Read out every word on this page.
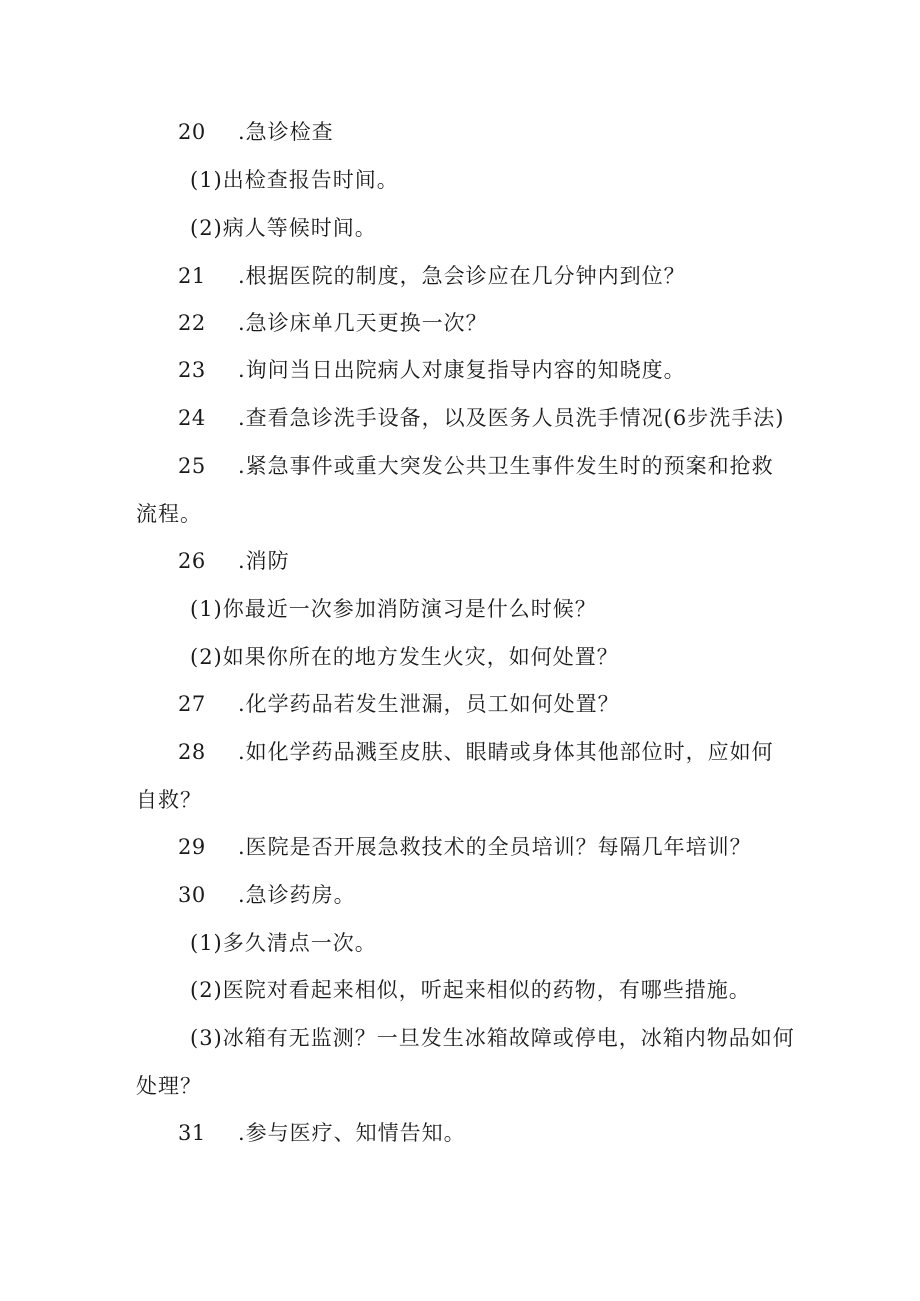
20 .急诊检查
(1)出检查报告时间。
(2)病人等候时间。
21 .根据医院的制度，急会诊应在几分钟内到位？
22 .急诊床单几天更换一次？
23 .询问当日出院病人对康复指导内容的知晓度。
24 .查看急诊洗手设备，以及医务人员洗手情况(6步洗手法)
25 .紧急事件或重大突发公共卫生事件发生时的预案和抢救
流程。
26 .消防
(1)你最近一次参加消防演习是什么时候？
(2)如果你所在的地方发生火灾，如何处置？
27 .化学药品若发生泄漏，员工如何处置？
28 .如化学药品溅至皮肤、眼睛或身体其他部位时，应如何
自救？
29 .医院是否开展急救技术的全员培训？每隔几年培训？
30 .急诊药房。
(1)多久清点一次。
(2)医院对看起来相似，听起来相似的药物，有哪些措施。
(3)冰箱有无监测？一旦发生冰箱故障或停电，冰箱内物品如何
处理？
31 .参与医疗、知情告知。
